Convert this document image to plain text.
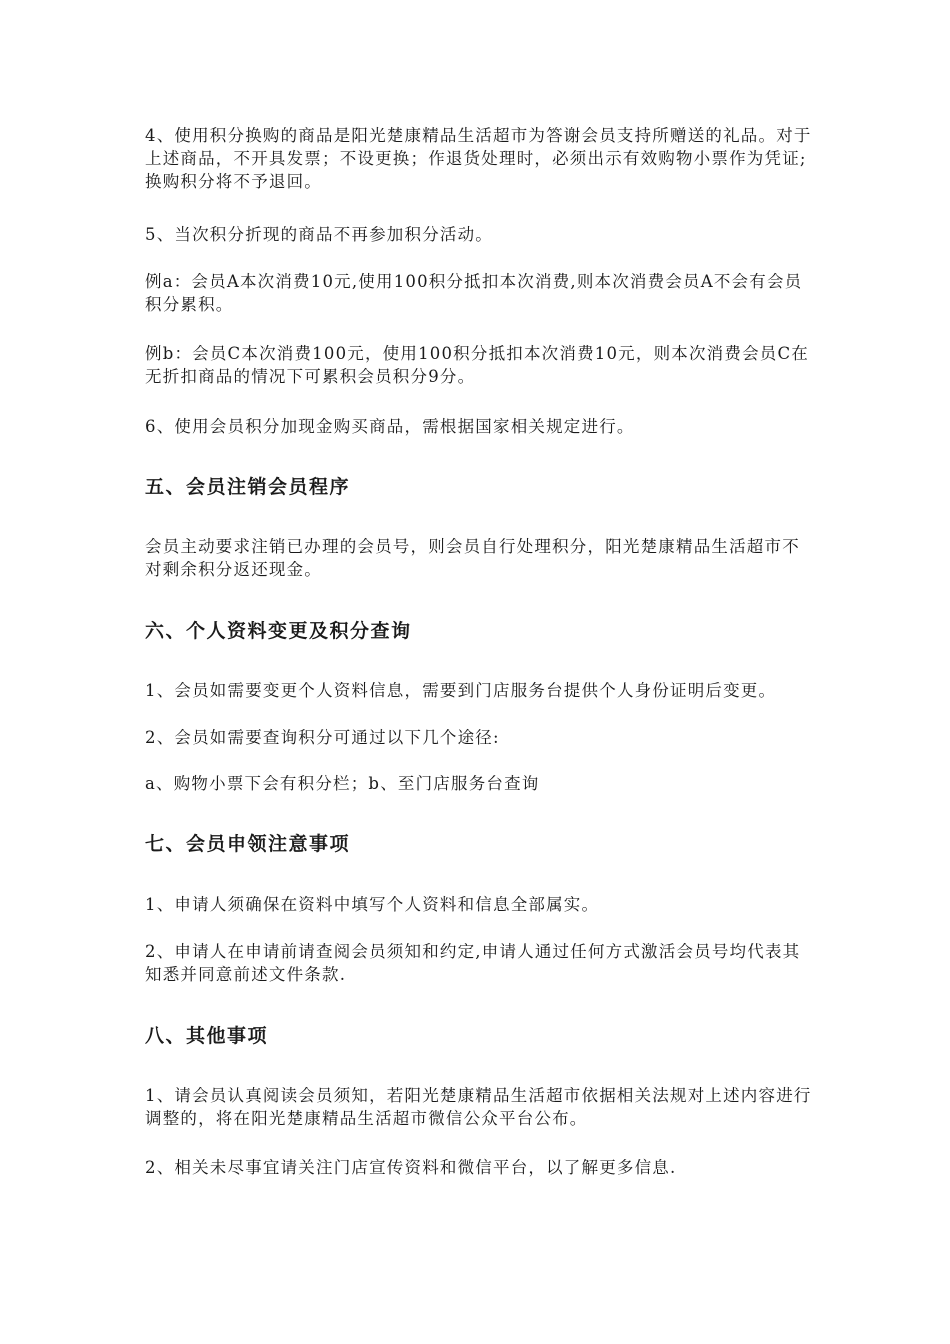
4、使用积分换购的商品是阳光楚康精品生活超市为答谢会员支持所赠送的礼品。对于上述商品，不开具发票；不设更换；作退货处理时，必须出示有效购物小票作为凭证;换购积分将不予退回。

5、当次积分折现的商品不再参加积分活动。

例a：会员A本次消费10元,使用100积分抵扣本次消费,则本次消费会员A不会有会员积分累积。

例b：会员C本次消费100元，使用100积分抵扣本次消费10元，则本次消费会员C在无折扣商品的情况下可累积会员积分9分。

6、使用会员积分加现金购买商品，需根据国家相关规定进行。

五、会员注销会员程序

会员主动要求注销已办理的会员号，则会员自行处理积分，阳光楚康精品生活超市不对剩余积分返还现金。

六、个人资料变更及积分查询

1、会员如需要变更个人资料信息，需要到门店服务台提供个人身份证明后变更。

2、会员如需要查询积分可通过以下几个途径:

a、购物小票下会有积分栏；b、至门店服务台查询

七、会员申领注意事项

1、申请人须确保在资料中填写个人资料和信息全部属实。

2、申请人在申请前请查阅会员须知和约定,申请人通过任何方式激活会员号均代表其知悉并同意前述文件条款.

八、其他事项

1、请会员认真阅读会员须知，若阳光楚康精品生活超市依据相关法规对上述内容进行调整的，将在阳光楚康精品生活超市微信公众平台公布。

2、相关未尽事宜请关注门店宣传资料和微信平台，以了解更多信息.
